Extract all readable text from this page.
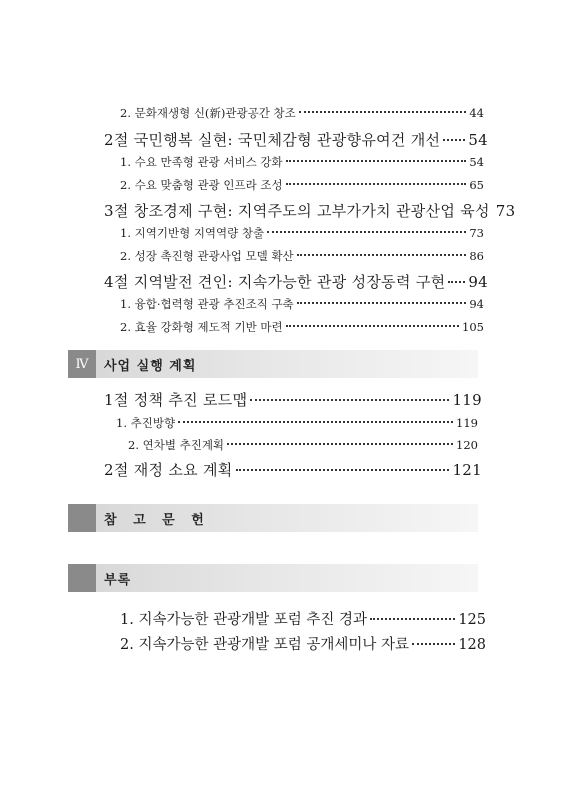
2. 문화재생형 신(新)관광공간 창조	44
2절 국민행복 실현: 국민체감형 관광향유여건 개선 54
1. 수요 만족형 관광 서비스 강화	54
2. 수요 맞춤형 관광 인프라 조성	65
3절 창조경제 구현: 지역주도의 고부가가치 관광산업 육성 73
1. 지역기반형 지역역량 창출	73
2. 성장 촉진형 관광사업 모델 확산	86
4절 지역발전 견인: 지속가능한 관광 성장동력 구현 94
1. 융합·협력형 관광 추진조직 구축	94
2. 효율 강화형 제도적 기반 마련	105
Ⅳ	사업 실행 계획
1절 정책 추진 로드맵	119
1. 추진방향	119
2. 연차별 추진계획	120
2절 재정 소요 계획	121
참 고 문 헌
부록
1. 지속가능한 관광개발 포럼 추진 경과	125
2. 지속가능한 관광개발 포럼 공개세미나 자료	128
